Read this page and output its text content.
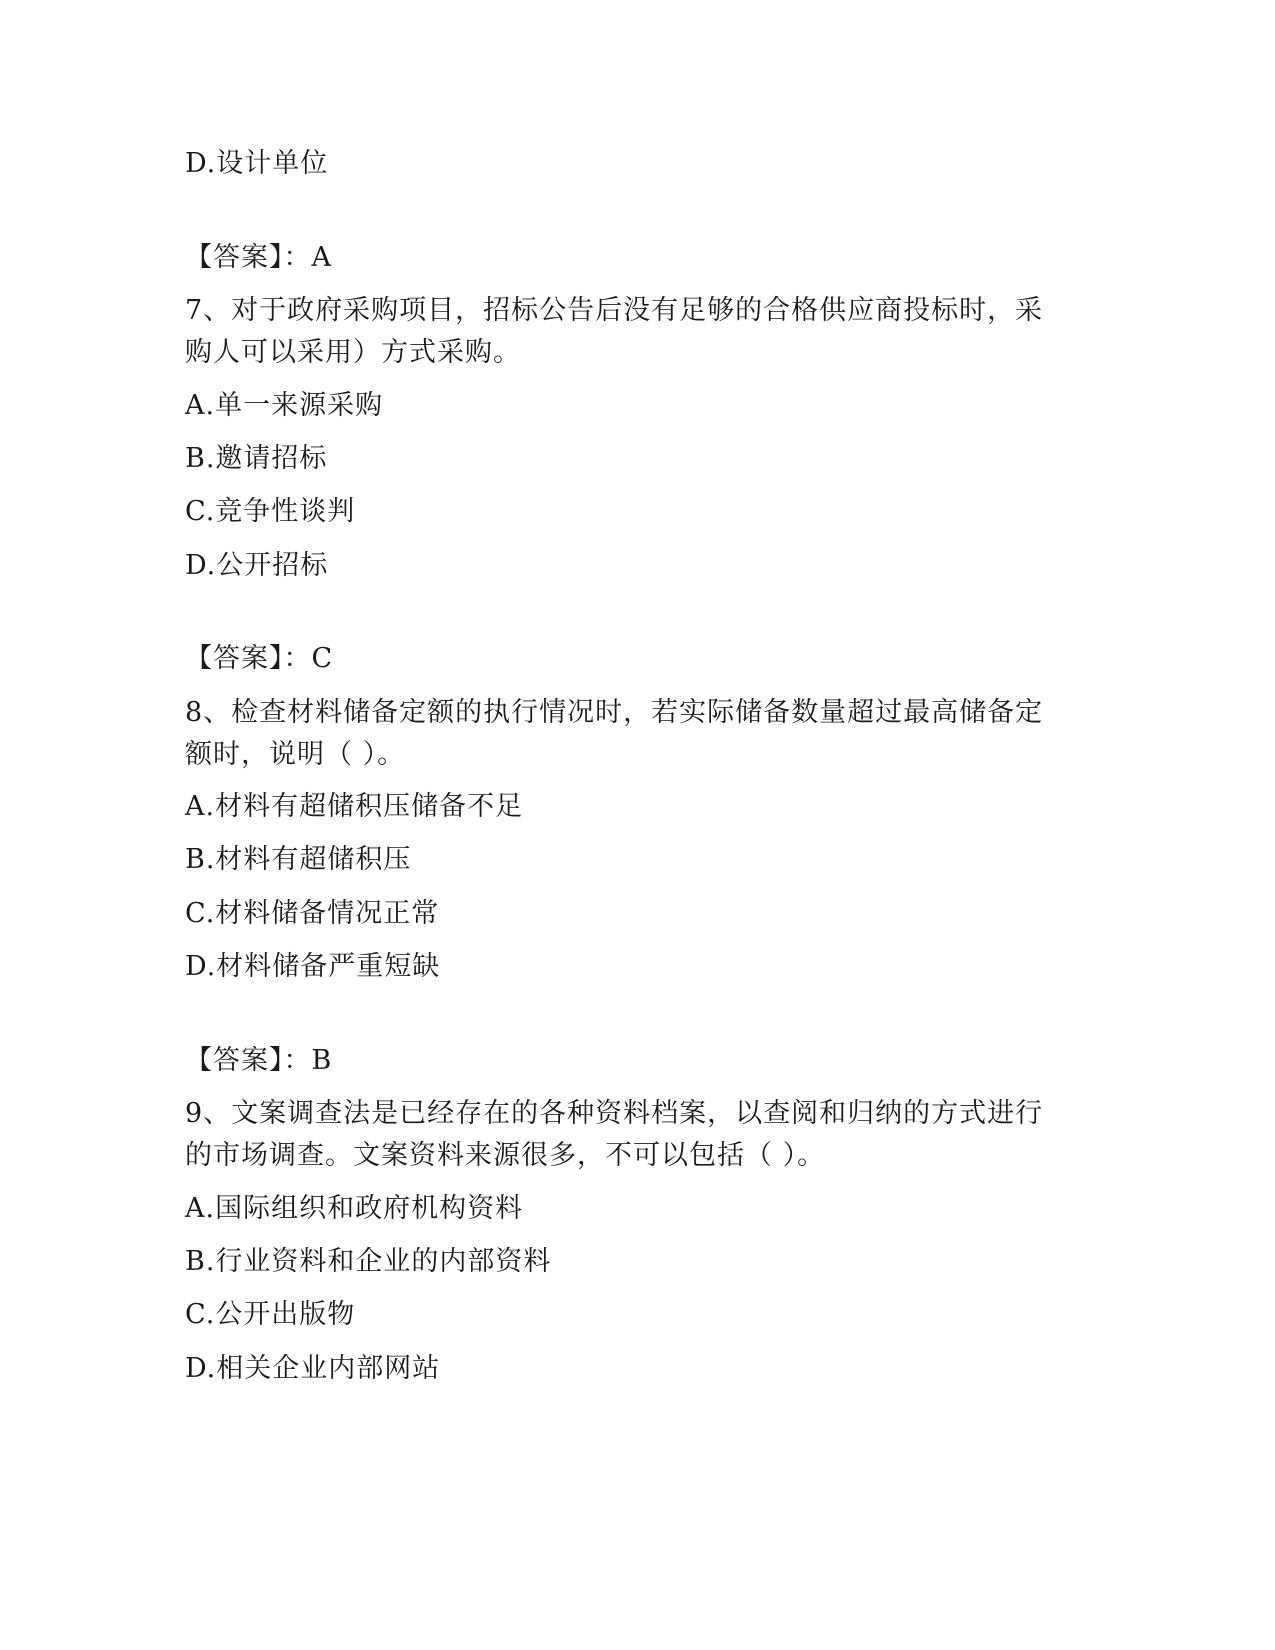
D.设计单位
【答案】：A
7、对于政府采购项目，招标公告后没有足够的合格供应商投标时，采
购人可以采用）方式采购。
A.单一来源采购
B.邀请招标
C.竞争性谈判
D.公开招标
【答案】：C
8、检查材料储备定额的执行情况时，若实际储备数量超过最高储备定
额时，说明（ ）。
A.材料有超储积压储备不足
B.材料有超储积压
C.材料储备情况正常
D.材料储备严重短缺
【答案】：B
9、文案调查法是已经存在的各种资料档案，以查阅和归纳的方式进行
的市场调查。文案资料来源很多，不可以包括（ ）。
A.国际组织和政府机构资料
B.行业资料和企业的内部资料
C.公开出版物
D.相关企业内部网站
